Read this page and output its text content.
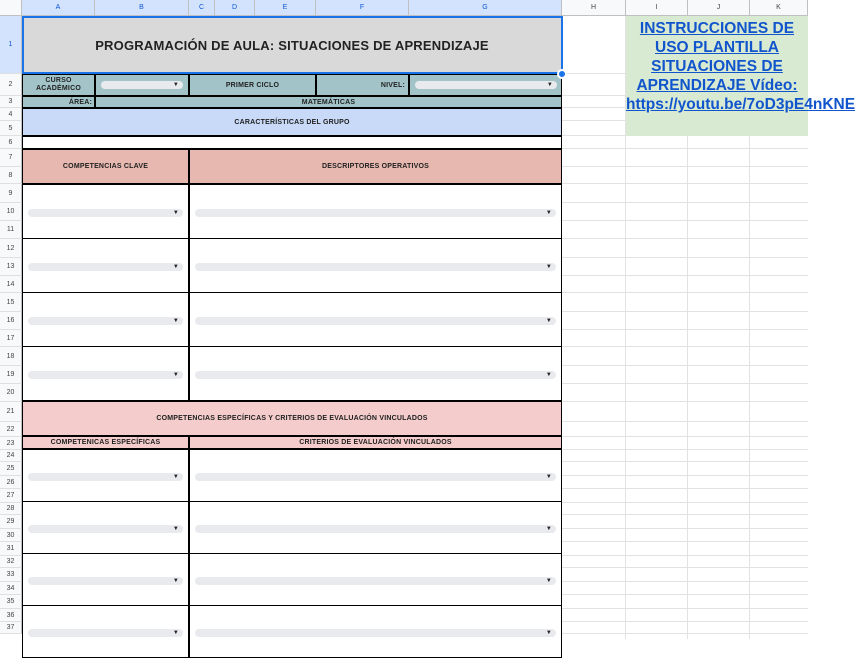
A	B	C	D	E	F	G	H	I	J	K
1
2
3
4
5
6
7
8
9
10
11
12
13
14
15
16
17
18
19
20
21
22
23
24
25
26
27
28
29
30
31
32
33
34
35
36
37
PROGRAMACIÓN DE AULA: SITUACIONES DE APRENDIZAJE
CURSO ACADÉMICO	▼	PRIMER CICLO	NIVEL:	▼
ÁREA:	MATEMÁTICAS
CARACTERÍSTICAS DEL GRUPO
COMPETENCIAS CLAVE	DESCRIPTORES OPERATIVOS
▼	▼
▼	▼
▼	▼
▼	▼
COMPETENCIAS ESPECÍFICAS Y CRITERIOS DE EVALUACIÓN VINCULADOS
COMPETENICAS ESPECÍFICAS	CRITERIOS DE EVALUACIÓN VINCULADOS
▼	▼
▼	▼
▼	▼
▼	▼
INSTRUCCIONES DE USO PLANTILLA SITUACIONES DE APRENDIZAJE Vídeo: https://youtu.be/7oD3pE4nKNE
